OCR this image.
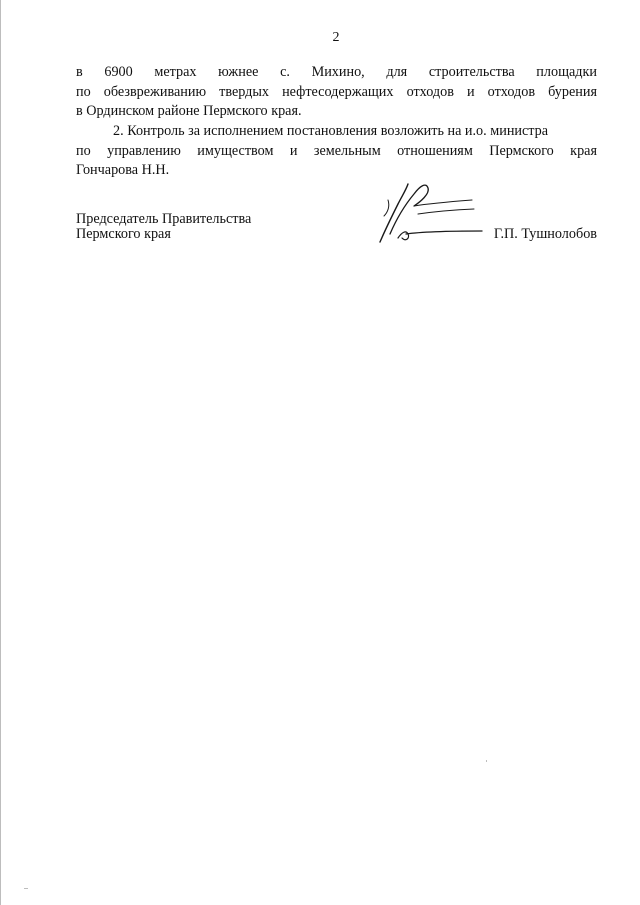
2

в 6900 метрах южнее с. Михино, для строительства площадки
по обезвреживанию твердых нефтесодержащих отходов и отходов бурения
в Ординском районе Пермского края.

2. Контроль за исполнением постановления возложить на и.о. министра
по управлению имуществом и земельным отношениям Пермского края
Гончарова Н.Н.

Председатель Правительства
Пермского края	Г.П. Тушнолобов
